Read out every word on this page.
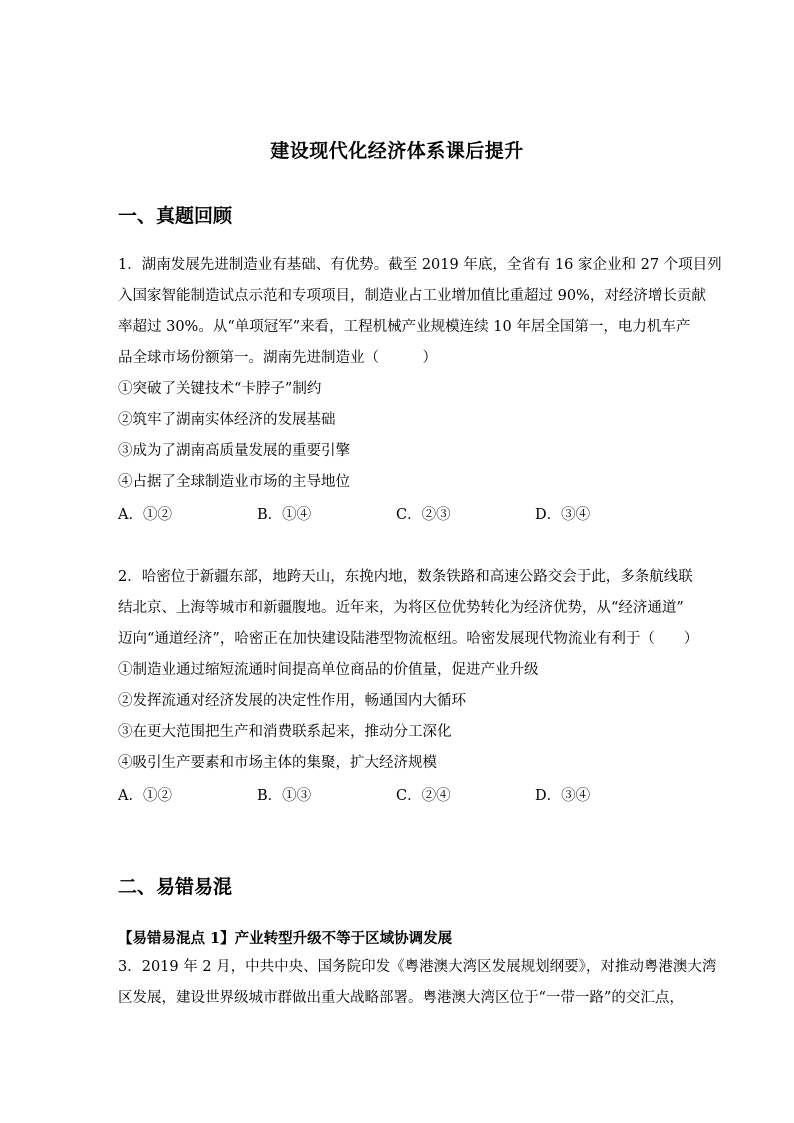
建设现代化经济体系课后提升
一、真题回顾
1．湖南发展先进制造业有基础、有优势。截至 2019 年底，全省有 16 家企业和 27 个项目列
入国家智能制造试点示范和专项项目，制造业占工业增加值比重超过 90%，对经济增长贡献
率超过 30%。从“单项冠军”来看，工程机械产业规模连续 10 年居全国第一，电力机车产
品全球市场份额第一。湖南先进制造业（　　　）
①突破了关键技术“卡脖子”制约
②筑牢了湖南实体经济的发展基础
③成为了湖南高质量发展的重要引擎
④占据了全球制造业市场的主导地位
A．①②	B．①④	C．②③	D．③④
2．哈密位于新疆东部，地跨天山，东挽内地，数条铁路和高速公路交会于此，多条航线联
结北京、上海等城市和新疆腹地。近年来，为将区位优势转化为经济优势，从“经济通道”
迈向“通道经济”，哈密正在加快建设陆港型物流枢纽。哈密发展现代物流业有利于（　　）
①制造业通过缩短流通时间提高单位商品的价值量，促进产业升级
②发挥流通对经济发展的决定性作用，畅通国内大循环
③在更大范围把生产和消费联系起来，推动分工深化
④吸引生产要素和市场主体的集聚，扩大经济规模
A．①②	B．①③	C．②④	D．③④
二、易错易混
【易错易混点 1】产业转型升级不等于区域协调发展
3．2019 年 2 月，中共中央、国务院印发《粤港澳大湾区发展规划纲要》，对推动粤港澳大湾
区发展，建设世界级城市群做出重大战略部署。粤港澳大湾区位于“一带一路”的交汇点，
